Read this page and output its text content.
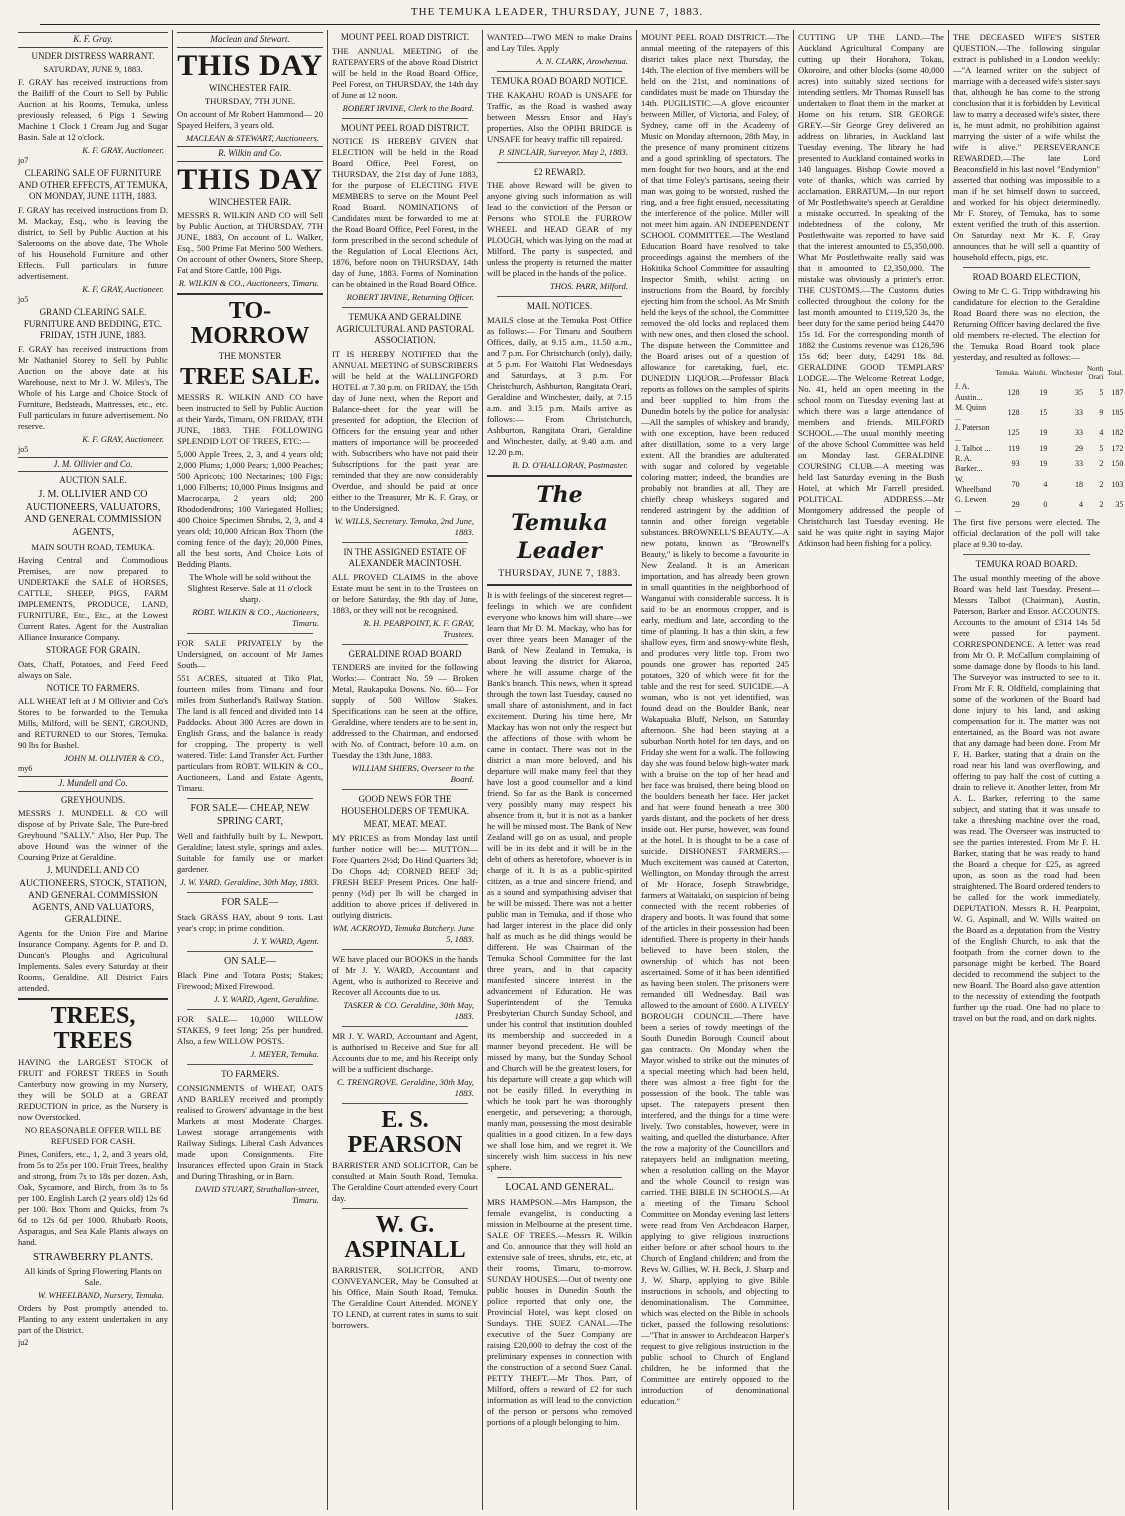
THE TEMUKA LEADER, THURSDAY, JUNE 7, 1883.
K. F. Gray.
UNDER DISTRESS WARRANT.
SATURDAY, JUNE 9, 1883.

F. GRAY has received instructions from the Bailiff of the Court to Sell by Public Auction at his Rooms, Temuka, unless previously released, 6 Pigs 1 Sewing Machine 1 Clock 1 Cream Jug and Sugar Basin. Sale at 12 o'clock.

K. F. GRAY, Auctioneer.
jo7
CLEARING SALE OF FURNITURE AND OTHER EFFECTS, AT TEMUKA, ON MONDAY, JUNE 11TH, 1883.

F. GRAY has received instructions from D. M. Mackay, Esq., who is leaving the district, to Sell by Public Auction at his Salerooms on the above date, The Whole of his Household Furniture and other Effects. Full particulars in future advertisement.

K. F. GRAY, Auctioneer.
jo5
GRAND CLEARING SALE. FURNITURE AND BEDDING, ETC. FRIDAY, 15TH JUNE, 1883.

F. GRAY has received instructions from Mr Nathaniel Storey to Sell by Public Auction on the above date at his Warehouse, next to Mr J. W. Miles's, The Whole of his Large and Choice Stock of Furniture, Bedsteads, Mattresses, etc., etc. Full particulars in future advertisement. No reserve.

K. F. GRAY, Auctioneer.
jo5
J. M. Ollivier and Co.
AUCTION SALE.
J. M. OLLIVIER AND CO AUCTIONEERS, VALUATORS, AND GENERAL COMMISSION AGENTS,
MAIN SOUTH ROAD, TEMUKA.

Having Central and Commodious Premises, are now prepared to UNDERTAKE the SALE of HORSES, CATTLE, SHEEP, PIGS, FARM IMPLEMENTS, PRODUCE, LAND, FURNITURE, Etc., Etc., at the Lowest Current Rates. Agent for the Australian Alliance Insurance Company.

STORAGE FOR GRAIN.

Oats, Chaff, Potatoes, and Feed Feed always on Sale.

NOTICE TO FARMERS.

ALL WHEAT left at J M Ollivier and Co's Stores to be forwarded to the Temuka Mills, Milford, will be SENT, GROUND, and RETURNED to our Stores, Temuka. 90 lbs for Bushel.

JOHN M. OLLIVIER & CO.,
my6
J. Mundell and Co.
GREYHOUNDS.

MESSRS J. MUNDELL & CO will dispose of by Private Sale, The Pure-bred Greyhound "SALLY." Also, Her Pup. The above Hound was the winner of the Coursing Prize at Geraldine.

J. MUNDELL AND CO AUCTIONEERS, STOCK, STATION, AND GENERAL COMMISSION AGENTS, AND VALUATORS, GERALDINE.

Agents for the Union Fire and Marine Insurance Company. Agents for P. and D. Duncan's Ploughs and Agricultural Implements. Sales every Saturday at their Rooms, Geraldine. All District Fairs attended.

TREES, TREES

HAVING the LARGEST STOCK of FRUIT and FOREST TREES in South Canterbury now growing in my Nursery, they will be SOLD at a GREAT REDUCTION in price, as the Nursery is now Overstocked.

NO REASONABLE OFFER WILL BE REFUSED FOR CASH.

Pines, Conifers, etc., 1, 2, and 3 years old, from 5s to 25s per 100. Fruit Trees, healthy and strong, from 7s to 18s per dozen. Ash, Oak, Sycamore, and Birch, from 3s to 5s per 100. English Larch (2 years old) 12s 6d per 100. Box Thorn and Quicks, from 7s 6d to 12s 6d per 1000. Rhubarb Roots, Asparagus, and Sea Kale Plants always on hand.

STRAWBERRY PLANTS.

All kinds of Spring Flowering Plants on Sale.

W. WHEELBAND, Nursery, Temuka.

Orders by Post promptly attended to. Planting to any extent undertaken in any part of the District.

ju2
Maclean and Stewart.
THIS DAY
WINCHESTER FAIR.
THURSDAY, 7TH JUNE.

On account of Mr Robert Hammond— 20 Spayed Heifers, 3 years old.

MACLEAN & STEWART, Auctioneers.
R. Wilkin and Co.
THIS DAY
WINCHESTER FAIR.

MESSRS R. WILKIN AND CO will Sell by Public Auction, at THURSDAY, 7TH JUNE, 1883, On account of L. Walker, Esq., 500 Prime Fat Merino 500 Wethers. On account of other Owners, Store Sheep, Fat and Store Cattle, 100 Pigs.

R. WILKIN & CO., Auctioneers, Timaru.
TO-MORROW
THE MONSTER
TREE SALE.

MESSRS R. WILKIN AND CO have been instructed to Sell by Public Auction at their Yards, Timaru, ON FRIDAY, 8TH JUNE, 1883. THE FOLLOWING SPLENDID LOT OF TREES, ETC:—

5,000 Apple Trees, 2, 3, and 4 years old; 2,000 Plums; 1,000 Pears; 1,000 Peaches; 500 Apricots; 100 Nectarines; 100 Figs; 1,000 Filberts; 10,000 Pinus Insignus and Macrocarpa, 2 years old; 200 Rhododendrons; 100 Variegated Hollies; 400 Choice Specimen Shrubs, 2, 3, and 4 years old; 10,000 African Box Thorn (the coming fence of the day); 20,000 Pines, all the best sorts, And Choice Lots of Bedding Plants.

The Whole will be sold without the Slightest Reserve. Sale at 11 o'clock sharp.

ROBT. WILKIN & CO., Auctioneers, Timaru.

FOR SALE PRIVATELY by the Undersigned, on account of Mr James South—

551 ACRES, situated at Tiko Plat, fourteen miles from Timaru and four miles from Sutherland's Railway Station. The land is all fenced and divided into 14 Paddocks. About 300 Acres are down in English Grass, and the balance is ready for cropping. The property is well watered. Title: Land Transfer Act. Further particulars from ROBT. WILKIN & CO., Auctioneers, Land and Estate Agents, Timaru.

FOR SALE— CHEAP, NEW SPRING CART,

Well and faithfully built by L. Newport, Geraldine; latest style, springs and axles. Suitable for family use or market gardener.

J. W. YARD. Geraldine, 30th May, 1883.
FOR SALE—

Stack GRASS HAY, about 9 tons. Last year's crop; in prime condition.

J. Y. WARD, Agent.
ON SALE—

Black Pine and Totara Posts; Stakes; Firewood; Mixed Firewood.

J. Y. WARD, Agent, Geraldine.

FOR SALE— 10,000 WILLOW STAKES, 9 feet long; 25s per hundred. Also, a few WILLOW POSTS.

J. MEYER, Temuka.
TO FARMERS.

CONSIGNMENTS of WHEAT, OATS AND BARLEY received and promptly realised to Growers' advantage in the best Markets at most Moderate Charges. Lowest storage arrangements with Railway Sidings. Liberal Cash Advances made upon Consignments. Fire Insurances effected upon Grain in Stack and During Thrashing, or in Barn.

DAVID STUART, Strathallan-street, Timaru.
MOUNT PEEL ROAD DISTRICT.

THE ANNUAL MEETING of the RATEPAYERS of the above Road District will be held in the Road Board Office, Peel Forest, on THURSDAY, the 14th day of June at 12 noon.

ROBERT IRVINE, Clerk to the Board.
MOUNT PEEL ROAD DISTRICT.

NOTICE IS HEREBY GIVEN that ELECTION will be held in the Road Board Office, Peel Forest, on THURSDAY, the 21st day of June 1883, for the purpose of ELECTING FIVE MEMBERS to serve on the Mount Peel Road Board. NOMINATIONS of Candidates must be forwarded to me at the Road Board Office, Peel Forest, in the form prescribed in the second schedule of the Regulation of Local Elections Act, 1876, before noon on THURSDAY, 14th day of June, 1883. Forms of Nomination can be obtained in the Road Board Office.

ROBERT IRVINE, Returning Officer.
TEMUKA AND GERALDINE AGRICULTURAL AND PASTORAL ASSOCIATION.

IT IS HEREBY NOTIFIED that the ANNUAL MEETING of SUBSCRIBERS will be held at the WALLINGFORD HOTEL at 7.30 p.m. on FRIDAY, the 15th day of June next, when the Report and Balance-sheet for the year will be presented for adoption, the Election of Officers for the ensuing year and other matters of importance will be proceeded with. Subscribers who have not paid their Subscriptions for the past year are reminded that they are now considerably Overdue, and should be paid at once either to the Treasurer, Mr K. F. Gray, or to the Undersigned.

W. WILLS, Secretary. Temuka, 2nd June, 1883.
IN THE ASSIGNED ESTATE OF ALEXANDER MACINTOSH.

ALL PROVED CLAIMS in the above Estate must be sent in to the Trustees on or before Saturday, the 9th day of June, 1883, or they will not be recognised.

R. H. PEARPOINT, K. F. GRAY, Trustees.
GERALDINE ROAD BOARD

TENDERS are invited for the following Works:— Contract No. 59 — Broken Metal, Raukapuka Downs. No. 60— For supply of 500 Willow Stakes. Specifications can be seen at the office, Geraldine, where tenders are to be sent in, addressed to the Chairman, and endorsed with No. of Contract, before 10 a.m. on Tuesday the 13th June, 1883.

WILLIAM SHIERS, Overseer to the Board.
GOOD NEWS FOR THE HOUSEHOLDERS OF TEMUKA.
MEAT. MEAT. MEAT.

MY PRICES as from Monday last until further notice will be:— MUTTON—Fore Quarters 2½d; Do Hind Quarters 3d; Do Chops 4d; CORNED BEEF 3d; FRESH BEEF Present Prices. One half-penny (½d) per lb will be charged in addition to above prices if delivered in outlying districts.

WM. ACKROYD, Temuka Butchery. June 5, 1883.

WE have placed our BOOKS in the hands of Mr J. Y. WARD, Accountant and Agent, who is authorized to Receive and Recover all Accounts due to us.

TASKER & CO. Geraldine, 30th May, 1883.

MR J. Y. WARD, Accountant and Agent, is authorised to Receive and Sue for all Accounts due to me, and his Receipt only will be a sufficient discharge.

C. TRENGROVE. Geraldine, 30th May, 1883.
E. S. PEARSON

BARRISTER AND SOLICITOR, Can be consulted at Main South Road, Temuka. The Geraldine Court attended every Court day.

W. G. ASPINALL

BARRISTER, SOLICITOR, AND CONVEYANCER, May be Consulted at his Office, Main South Road, Temuka. The Geraldine Court Attended. MONEY TO LEND, at current rates in sums to suit borrowers.

WANTED—TWO MEN to make Drains and Lay Tiles. Apply

A. N. CLARK, Arowhenua.
TEMUKA ROAD BOARD NOTICE.

THE KAKAHU ROAD is UNSAFE for Traffic, as the Road is washed away between Messrs Ensor and Hay's properties. Also the OPIHI BRIDGE is UNSAFE for heavy traffic till repaired.

P. SINCLAIR, Surveyor. May 2, 1883.
£2 REWARD.

THE above Reward will be given to anyone giving such information as will lead to the conviction of the Person or Persons who STOLE the FURROW WHEEL and HEAD GEAR of my PLOUGH, which was lying on the road at Milford. The party is suspected, and unless the property is returned the matter will be placed in the hands of the police.

THOS. PARR, Milford.
MAIL NOTICES.

MAILS close at the Temuka Post Office as follows:— For Timaru and Southern Offices, daily, at 9.15 a.m., 11.50 a.m., and 7 p.m. For Christchurch (only), daily, at 5 p.m. For Waitohi Flat Wednesdays and Saturdays, at 3 p.m. For Christchurch, Ashburton, Rangitata Orari, Geraldine and Winchester, daily, at 7.15 a.m. and 3.15 p.m. Mails arrive as follows:— From Christchurch, Ashburton, Rangitata Orari, Geraldine and Winchester, daily, at 9.40 a.m. and 12.20 p.m.

B. D. O'HALLORAN, Postmaster.
The Temuka Leader
THURSDAY, JUNE 7, 1883.

It is with feelings of the sincerest regret—feelings in which we are confident everyone who knows him will share—we learn that Mr D. M. Mackay, who has for over three years been Manager of the Bank of New Zealand in Temuka, is about leaving the district for Akaroa, where he will assume charge of the Bank's branch. This news, when it spread through the town last Tuesday, caused no small share of astonishment, and in fact excitement. During his time here, Mr Mackay has won not only the respect but the affections of those with whom he came in contact. There was not in the district a man more beloved, and his departure will make many feel that they have lost a good counsellor and a kind friend. So far as the Bank is concerned very possibly many may respect his absence from it, but it is not as a banker he will be missed most. The Bank of New Zealand will go on as usual, and people will be in its debt and it will be in the debt of others as heretofore, whoever is in charge of it. It is as a public-spirited citizen, as a true and sincere friend, and as a sound and sympathising adviser that he will be missed. There was not a better public man in Temuka, and if those who had larger interest in the place did only half as much as he did things would be different. He was Chairman of the Temuka School Committee for the last three years, and in that capacity manifested sincere interest in the advancement of Education. He was Superintendent of the Temuka Presbyterian Church Sunday School, and under his control that institution doubled its membership and succeeded in a manner beyond precedent. He will be missed by many, but the Sunday School and Church will be the greatest losers, for his departure will create a gap which will not be easily filled. In everything in which he took part he was thoroughly energetic, and persevering; a thorough, manly man, possessing the most desirable qualities in a good citizen. In a few days we shall lose him, and we regret it. We sincerely wish him success in his new sphere.

LOCAL AND GENERAL.

MRS HAMPSON.—Mrs Hampson, the female evangelist, is conducting a mission in Melbourne at the present time. SALE OF TREES.—Messrs R. Wilkin and Co. announce that they will hold an extensive sale of trees, shrubs, etc, etc, at their rooms, Timaru, to-morrow. SUNDAY HOUSES.—Out of twenty one public houses in Dunedin South the police reported that only one, the Provincial Hotel, was kept closed on Sundays. THE SUEZ CANAL.—The executive of the Suez Company are raising £20,000 to defray the cost of the preliminary expenses in connection with the construction of a second Suez Canal. PETTY THEFT.—Mr Thos. Parr, of Milford, offers a reward of £2 for such information as will lead to the conviction of the person or persons who removed portions of a plough belonging to him.

MOUNT PEEL ROAD DISTRICT.—The annual meeting of the ratepayers of this district takes place next Thursday, the 14th. The election of five members will be held on the 21st, and nominations of candidates must be made on Thursday the 14th. PUGILISTIC.—A glove encounter between Miller, of Victoria, and Foley, of Sydney, came off in the Academy of Music on Monday afternoon, 28th May, in the presence of many prominent citizens and a good sprinkling of spectators. The men fought for two hours, and at the end of that time Foley's partisans, seeing their man was going to be worsted, rushed the ring, and a free fight ensued, necessitating the interference of the police. Miller will not meet him again. AN INDEPENDENT SCHOOL COMMITTEE.—The Westland Education Board have resolved to take proceedings against the members of the Hokitika School Committee for assaulting Inspector Smith, whilst acting on instructions from the Board, by forcibly ejecting him from the school. As Mr Smith held the keys of the school, the Committee removed the old locks and replaced them with new ones, and then closed the school. The dispute between the Committee and the Board arises out of a question of allowance for caretaking, fuel, etc. DUNEDIN LIQUOR.—Professor Black reports as follows on the samples of spirits and beer supplied to him from the Dunedin hotels by the police for analysis:—All the samples of whiskey and brandy, with one exception, have been reduced after distillation, some to a very large extent. All the brandies are adulterated with sugar and colored by vegetable coloring matter; indeed, the brandies are probably not brandies at all. They are chiefly cheap whiskeys sugared and rendered astringent by the addition of tannin and other foreign vegetable substances. BROWNELL'S BEAUTY.—A new potato, known as "Brownell's Beauty," is likely to become a favourite in New Zealand. It is an American importation, and has already been grown in small quantities in the neighborhood of Wanganui with considerable success. It is said to be an enormous cropper, and is early, medium and late, according to the time of planting. It has a thin skin, a few shallow eyes, firm and snowy-white flesh, and produces very little top. From two pounds one grower has reported 245 potatoes, 320 of which were fit for the table and the rest for seed. SUICIDE.—A woman, who is not yet identified, was found dead on the Boulder Bank, near Wakapuaka Bluff, Nelson, on Saturday afternoon. She had been staying at a suburban North hotel for ten days, and on Friday she went for a walk. The following day she was found below high-water mark with a bruise on the top of her head and her face was bruised, there being blood on the boulders beneath her face. Her jacket and hat were found beneath a tree 300 yards distant, and the pockets of her dress inside out. Her purse, however, was found at the hotel. It is thought to be a case of suicide. DISHONEST FARMERS.—Much excitement was caused at Caterton, Wellington, on Monday through the arrest of Mr Horace, Joseph Strawbridge, farmers at Waitaiaki, on suspicion of being connected with the recent robberies of drapery and boots. It was found that some of the articles in their possession had been identified. There is property in their hands believed to have been stolen, the ownership of which has not been ascertained. Some of it has been identified as having been stolen. The prisoners were remanded till Wednesday. Bail was allowed to the amount of £600. A LIVELY BOROUGH COUNCIL.—There have been a series of rowdy meetings of the South Dunedin Borough Council about gas contracts. On Monday when the Mayor wished to strike out the minutes of a special meeting which had been held, there was almost a free fight for the possession of the book. The table was upset. The ratepayers present then interfered, and the things for a time were lively. Two constables, however, were in waiting, and quelled the disturbance. After the row a majority of the Councillors and ratepayers held an indignation meeting, when a resolution calling on the Mayor and the whole Council to resign was carried. THE BIBLE IN SCHOOLS.—At a meeting of the Timaru School Committee on Monday evening last letters were read from Ven Archdeacon Harper, applying to give religious instructions either before or after school hours to the Church of England children; and from the Revs W. Gillies, W. H. Beck, J. Sharp and J. W. Sharp, applying to give Bible instructions in schools, and objecting to denominationalism. The Committee, which was elected on the Bible in schools ticket, passed the following resolutions:—"That in answer to Archdeacon Harper's request to give religious instruction in the public school to Church of England children, he be informed that the Committee are entirely opposed to the introduction of denominational education."

CUTTING UP THE LAND.—The Auckland Agricultural Company are cutting up their Horahora, Tokau, Okoroire, and other blocks (some 40,000 acres) into suitably sized sections for intending settlers. Mr Thomas Russell has undertaken to float them in the market at Home on his return. SIR GEORGE GREY.—Sir George Grey delivered an address on libraries, in Auckland last Tuesday evening. The library he had presented to Auckland contained works in 140 languages. Bishop Cowie moved a vote of thanks, which was carried by acclamation. ERRATUM.—In our report of Mr Postlethwaite's speech at Geraldine a mistake occurred. In speaking of the indebtedness of the colony, Mr Postlethwaite was reported to have said that the interest amounted to £5,350,000. What Mr Postlethwaite really said was that it amounted to £2,350,000. The mistake was obviously a printer's error. THE CUSTOMS.—The Customs duties collected throughout the colony for the last month amounted to £119,520 3s, the beer duty for the same period being £4470 15s 1d. For the corresponding month of 1882 the Customs revenue was £126,596 15s 6d; beer duty, £4291 18s 8d. GERALDINE GOOD TEMPLARS' LODGE.—The Welcome Retreat Lodge, No. 41, held an open meeting in the school room on Tuesday evening last at which there was a large attendance of members and friends. MILFORD SCHOOL.—The usual monthly meeting of the above School Committee was held on Monday last. GERALDINE COURSING CLUB.—A meeting was held last Saturday evening in the Bush Hotel, at which Mr Farrell presided. POLITICAL ADDRESS.—Mr Montgomery addressed the people of Christchurch last Tuesday evening. He said he was quite right in saying Major Atkinson had been fishing for a policy.

THE DECEASED WIFE'S SISTER QUESTION.—The following singular extract is published in a London weekly:—"A learned writer on the subject of marriage with a deceased wife's sister says that, although he has come to the strong conclusion that it is forbidden by Levitical law to marry a deceased wife's sister, there is, he must admit, no prohibition against marrying the sister of a wife whilst the wife is alive." PERSEVERANCE REWARDED.—The late Lord Beaconsfield in his last novel "Endymion" asserted that nothing was impossible to a man if he set himself down to succeed, and worked for his object determinedly. Mr F. Storey, of Temuka, has to some extent verified the truth of this assertion. On Saturday next Mr K. F. Gray announces that he will sell a quantity of household effects, pigs, etc.

ROAD BOARD ELECTION,

Owing to Mr C. G. Tripp withdrawing his candidature for election to the Geraldine Road Board there was no election, the Returning Officer having declared the five old members re-elected. The election for the Temuka Road Board took place yesterday, and resulted as follows:—

	Temuka.	Waitohi.	Winchester	North Orari	Total.
J. A. Austin...	128	19	35	5	187
M. Quinn ...	128	15	33	9	185
J. Paterson ...	125	19	33	4	182
J. Talbot ...	119	19	29	5	172
R. A. Barker...	93	19	33	2	150
W. Wheelband	70	4	18	2	103
G. Lewen ...	29	0	4	2	35

The first five persons were elected. The official declaration of the poll will take place at 9.30 to-day.

TEMUKA ROAD BOARD.

The usual monthly meeting of the above Board was held last Tuesday. Present—Messrs Talbot (Chairman), Austin, Paterson, Barker and Ensor. ACCOUNTS. Accounts to the amount of £314 14s 5d were passed for payment. CORRESPONDENCE. A letter was read from Mr O. P. McCallum complaining of some damage done by floods to his land. The Surveyor was instructed to see to it. From Mr F. R. Oldfield, complaining that some of the workmen of the Board had done injury to his land, and asking compensation for it. The matter was not entertained, as the Board was not aware that any damage had been done. From Mr F. H. Barker, stating that a drain on the road near his land was overflowing, and offering to pay half the cost of cutting a drain to relieve it. Another letter, from Mr A. L. Barker, referring to the same subject, and stating that it was unsafe to take a threshing machine over the road, was read. The Overseer was instructed to see the parties interested. From Mr F. H. Barker, stating that he was ready to hand the Board a cheque for £25, as agreed upon, as soon as the road had been straightened. The Board ordered tenders to be called for the work immediately. DEPUTATION. Messrs R. H. Pearpoint, W. G. Aspinall, and W. Wills waited on the Board as a deputation from the Vestry of the English Church, to ask that the footpath from the corner down to the parsonage might be kerbed. The Board decided to recommend the subject to the new Board. The Board also gave attention to the necessity of extending the footpath further up the road. One had no place to travel on but the road, and on dark nights.
